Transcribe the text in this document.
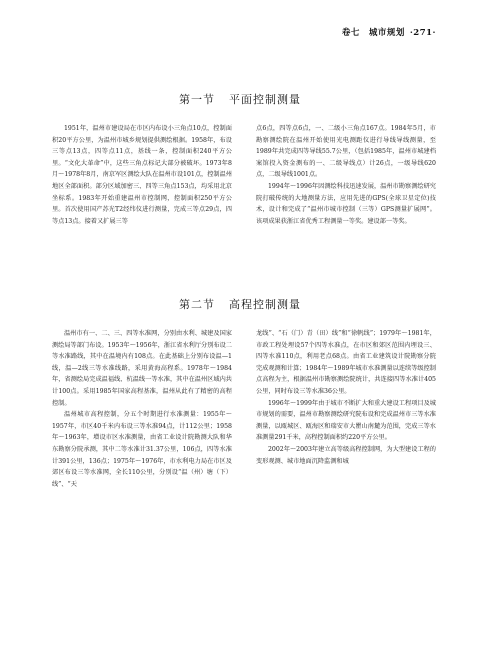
卷七　城市规划 ·271·
第一节 平面控制测量

1951年，温州市建设局在市区内布设小三角点10点，控制面积20平方公里，为温州市城乡规划提供测绘根据。1958年，布设三等点13点，四等点11点，基线一条，控制面积240平方公里。“文化大革命”中，这些三角点标记大部分被破坏。1973年8月～1978年8月，南京军区测绘大队在温州市设101点，控制温州地区全部面积。部分区域加密三、四等三角点153点，均采用北京坐标系。1983年开始重建温州市控制网，控制面积250平方公里。首次使用国产苏光T2经纬仪进行测量，完成三等点29点，四等点13点。接着又扩展三等

点6点，四等点6点，一、二级小三角点167点。1984年5月，市勘察测绘院在温州开始使用光电测距仪进行导线导线测量，至1989年共完成四等导线55.7公里，（包括1985年，温州市城建档案馆投入资金测布的一、二级导线点）计26点，一级导线620点，二级导线1001点。

1994年～1996年因测绘科技迅速发展，温州市勘察测绘研究院打破传统的大地测量方法，应用先进的GPS(全球卫星定位)技术，设计和完成了“温州市城市控制（三等）GPS测量扩展网”。该项成果获浙江省优秀工程测量一等奖。建设部一等奖。

第二节 高程控制测量

温州市有一、二、三、四等水准网，分别由水利、城建及国家测绘局等部门布设。1953年～1956年，浙江省水利厅分别布设二等水准路线，其中在温境内有108点。在此基础上分别布设温—1线，温—2线三等水准线路，采用黄海高程系。1978年～1984年，省测绘局完成温福线、杭温线一等水准，其中在温州区域内共计100点。采用1985年国家高程基准，温州从此有了精密的高程控制。

温州城市高程控制，分五个时期进行水准测量：1955年～1957年，市区40千米内布设三等水准94点，计112公里；1958年～1963年，增设市区水准测量，由省工业设计院勘测大队和华东勘察分院承测，其中二等水准计31.37公里，106点，四等水准计391公里，136点；1975年～1976年，市水利电力局在市区及郊区布设三等水准网，全长110公里，分别设“温（州）塘（下）线”、“天

龙线”、“石（门）青（田）线”和“徐帆线”；1979年～1981年，市政工程处埋设57个四等水准点，在市区和郊区范围内埋设三、四等水准110点，利用老点68点。由省工业建筑设计院勘察分院完成观测和计算；1984年～1989年城市水准测量以连续等级控制点高程为主，根据温州市勘察测绘院统计，共连接四等水准计405公里，同时布设三等水准36公里。

1996年～1999年由于城市不断扩大和重大建设工程项目及城市规划的需要，温州市勘察测绘研究院布设和完成温州市三等水准测量，以瓯城区、瓯海区和瑞安市大瞿山南麓为范围，完成三等水准测量291千米，高程控制面积约220平方公里。

2002年～2003年建立高等级高程控制网，为大型建设工程的变形观测、城市地面沉降监测和城
